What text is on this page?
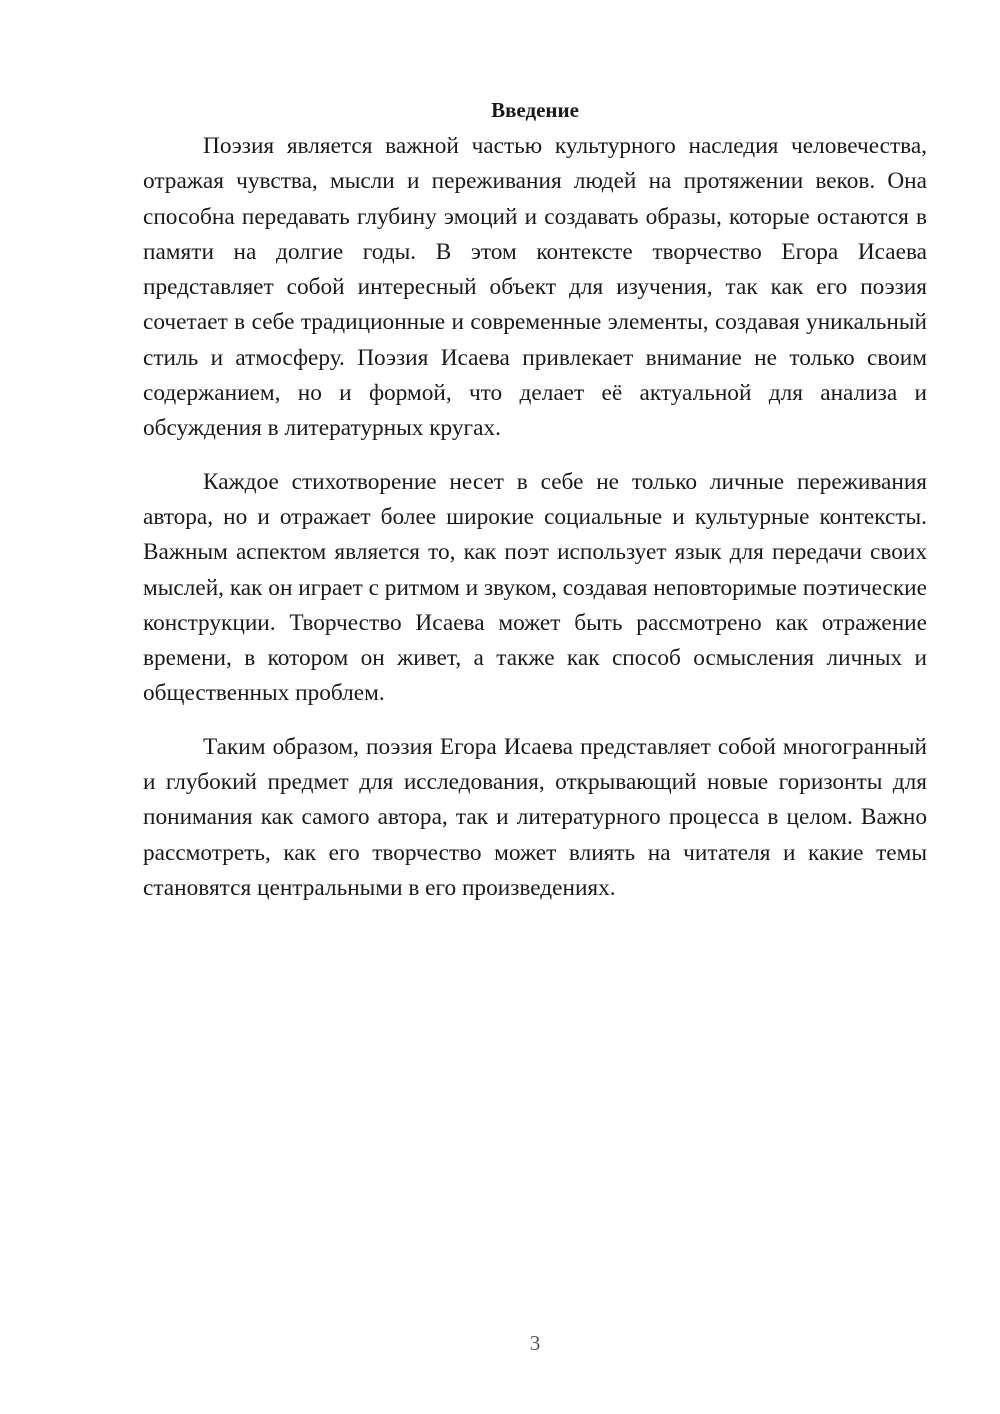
Введение

Поэзия является важной частью культурного наследия человечества, отражая чувства, мысли и переживания людей на протяжении веков. Она способна передавать глубину эмоций и создавать образы, которые остаются в памяти на долгие годы. В этом контексте творчество Егора Исаева представляет собой интересный объект для изучения, так как его поэзия сочетает в себе традиционные и современные элементы, создавая уникальный стиль и атмосферу. Поэзия Исаева привлекает внимание не только своим содержанием, но и формой, что делает её актуальной для анализа и обсуждения в литературных кругах.

Каждое стихотворение несет в себе не только личные переживания автора, но и отражает более широкие социальные и культурные контексты. Важным аспектом является то, как поэт использует язык для передачи своих мыслей, как он играет с ритмом и звуком, создавая неповторимые поэтические конструкции. Творчество Исаева может быть рассмотрено как отражение времени, в котором он живет, а также как способ осмысления личных и общественных проблем.

Таким образом, поэзия Егора Исаева представляет собой многогранный и глубокий предмет для исследования, открывающий новые горизонты для понимания как самого автора, так и литературного процесса в целом. Важно рассмотреть, как его творчество может влиять на читателя и какие темы становятся центральными в его произведениях.

3
